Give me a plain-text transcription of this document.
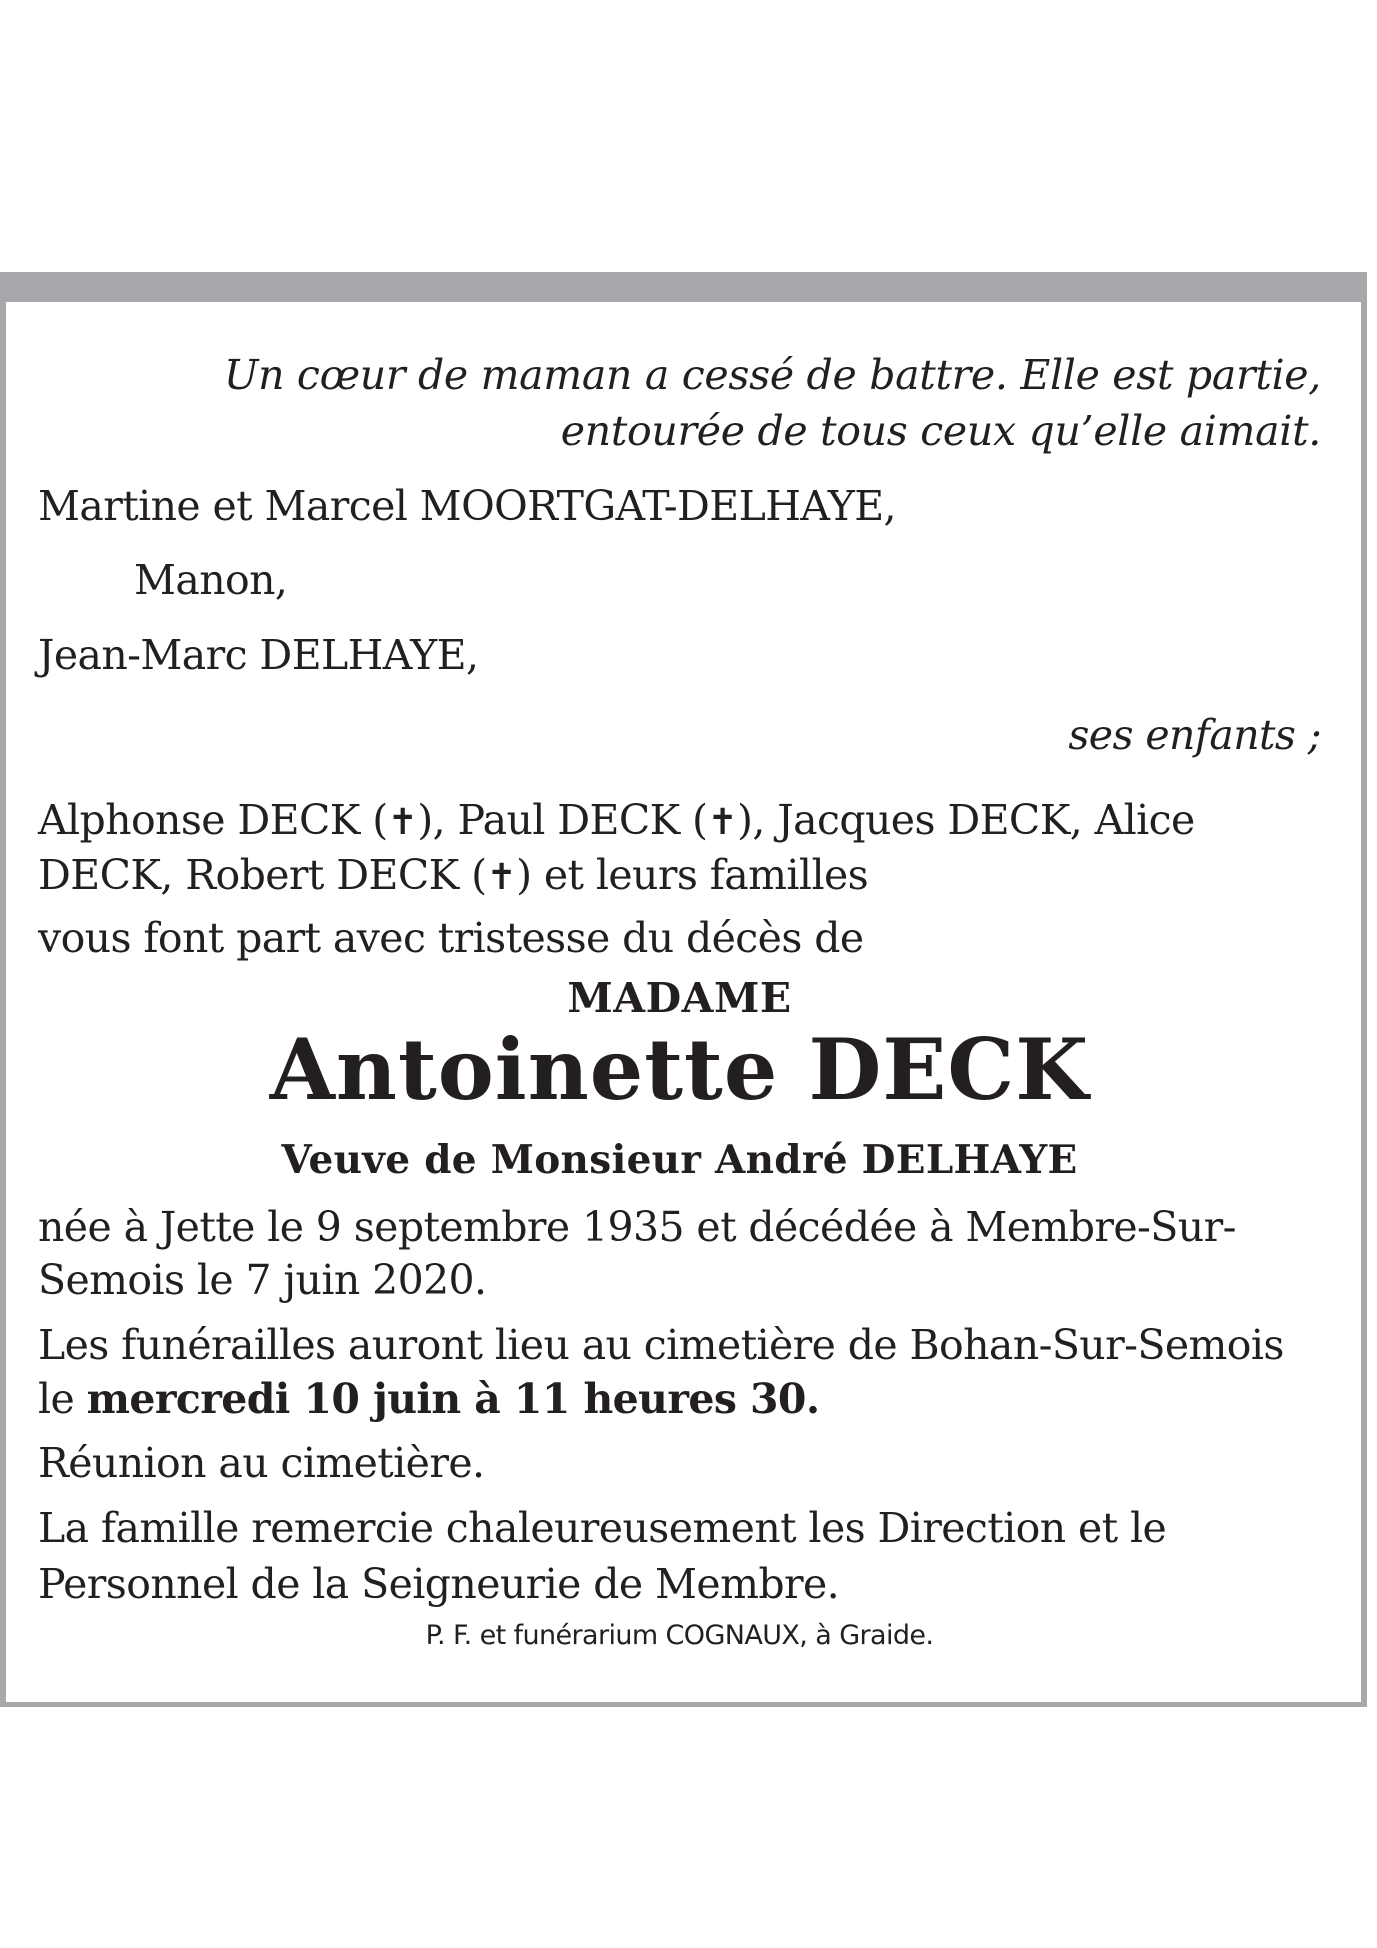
Un cœur de maman a cessé de battre. Elle est partie,
entourée de tous ceux qu’elle aimait.
Martine et Marcel MOORTGAT-DELHAYE,
Manon,
Jean-Marc DELHAYE,
ses enfants ;
Alphonse DECK (✝), Paul DECK (✝), Jacques DECK, Alice
DECK, Robert DECK (✝) et leurs familles
vous font part avec tristesse du décès de
MADAME
Antoinette DECK
Veuve de Monsieur André DELHAYE
née à Jette le 9 septembre 1935 et décédée à Membre-Sur-
Semois le 7 juin 2020.
Les funérailles auront lieu au cimetière de Bohan-Sur-Semois
le mercredi 10 juin à 11 heures 30.
Réunion au cimetière.
La famille remercie chaleureusement les Direction et le
Personnel de la Seigneurie de Membre.
P. F. et funérarium COGNAUX, à Graide.
